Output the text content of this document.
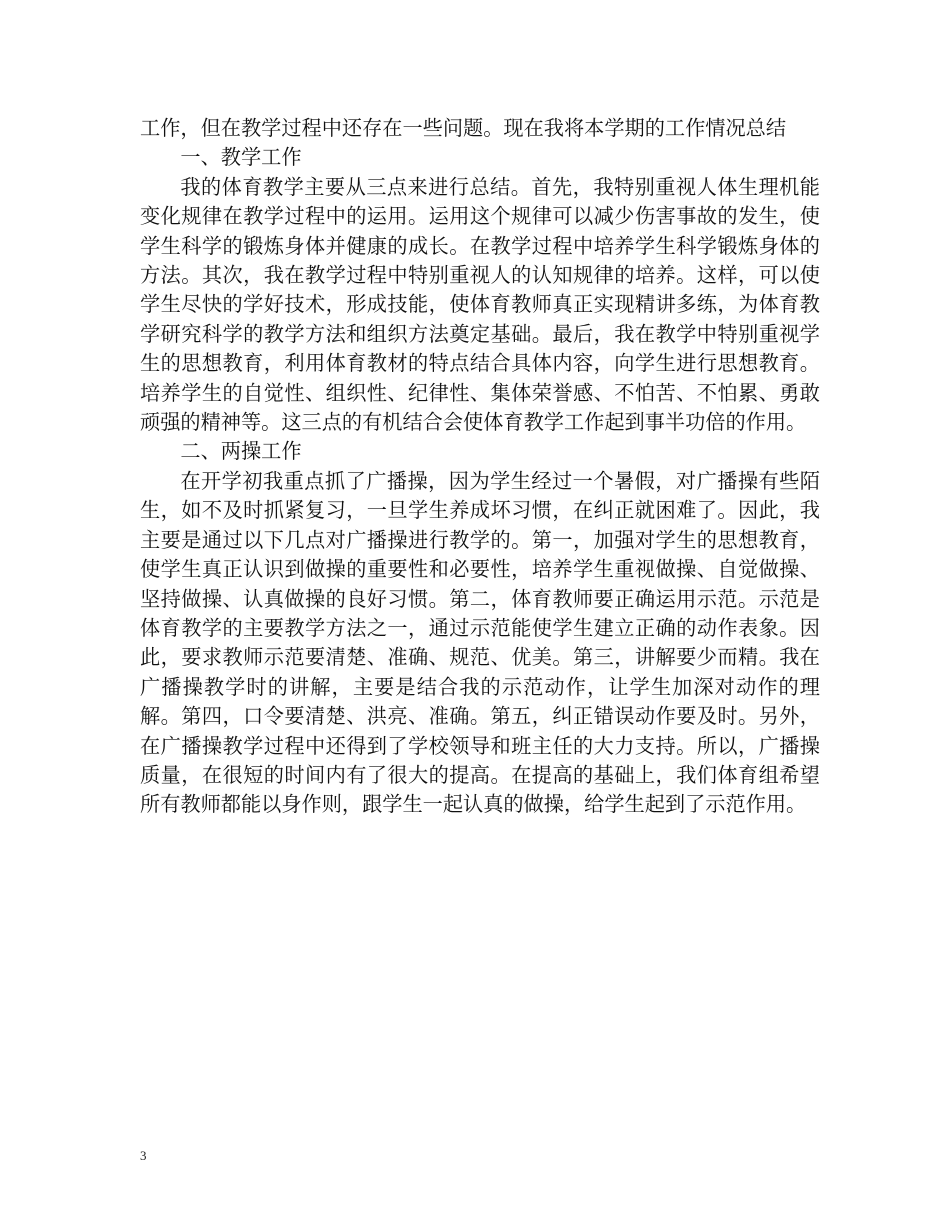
工作，但在教学过程中还存在一些问题。现在我将本学期的工作情况总结

一、教学工作

我的体育教学主要从三点来进行总结。首先，我特别重视人体生理机能变化规律在教学过程中的运用。运用这个规律可以减少伤害事故的发生，使学生科学的锻炼身体并健康的成长。在教学过程中培养学生科学锻炼身体的方法。其次，我在教学过程中特别重视人的认知规律的培养。这样，可以使学生尽快的学好技术，形成技能，使体育教师真正实现精讲多练，为体育教学研究科学的教学方法和组织方法奠定基础。最后，我在教学中特别重视学生的思想教育，利用体育教材的特点结合具体内容，向学生进行思想教育。培养学生的自觉性、组织性、纪律性、集体荣誉感、不怕苦、不怕累、勇敢顽强的精神等。这三点的有机结合会使体育教学工作起到事半功倍的作用。

二、两操工作

在开学初我重点抓了广播操，因为学生经过一个暑假，对广播操有些陌生，如不及时抓紧复习，一旦学生养成坏习惯，在纠正就困难了。因此，我主要是通过以下几点对广播操进行教学的。第一，加强对学生的思想教育，使学生真正认识到做操的重要性和必要性，培养学生重视做操、自觉做操、坚持做操、认真做操的良好习惯。第二，体育教师要正确运用示范。示范是体育教学的主要教学方法之一，通过示范能使学生建立正确的动作表象。因此，要求教师示范要清楚、准确、规范、优美。第三，讲解要少而精。我在广播操教学时的讲解，主要是结合我的示范动作，让学生加深对动作的理解。第四，口令要清楚、洪亮、准确。第五，纠正错误动作要及时。另外，在广播操教学过程中还得到了学校领导和班主任的大力支持。所以，广播操质量，在很短的时间内有了很大的提高。在提高的基础上，我们体育组希望所有教师都能以身作则，跟学生一起认真的做操，给学生起到了示范作用。

3
